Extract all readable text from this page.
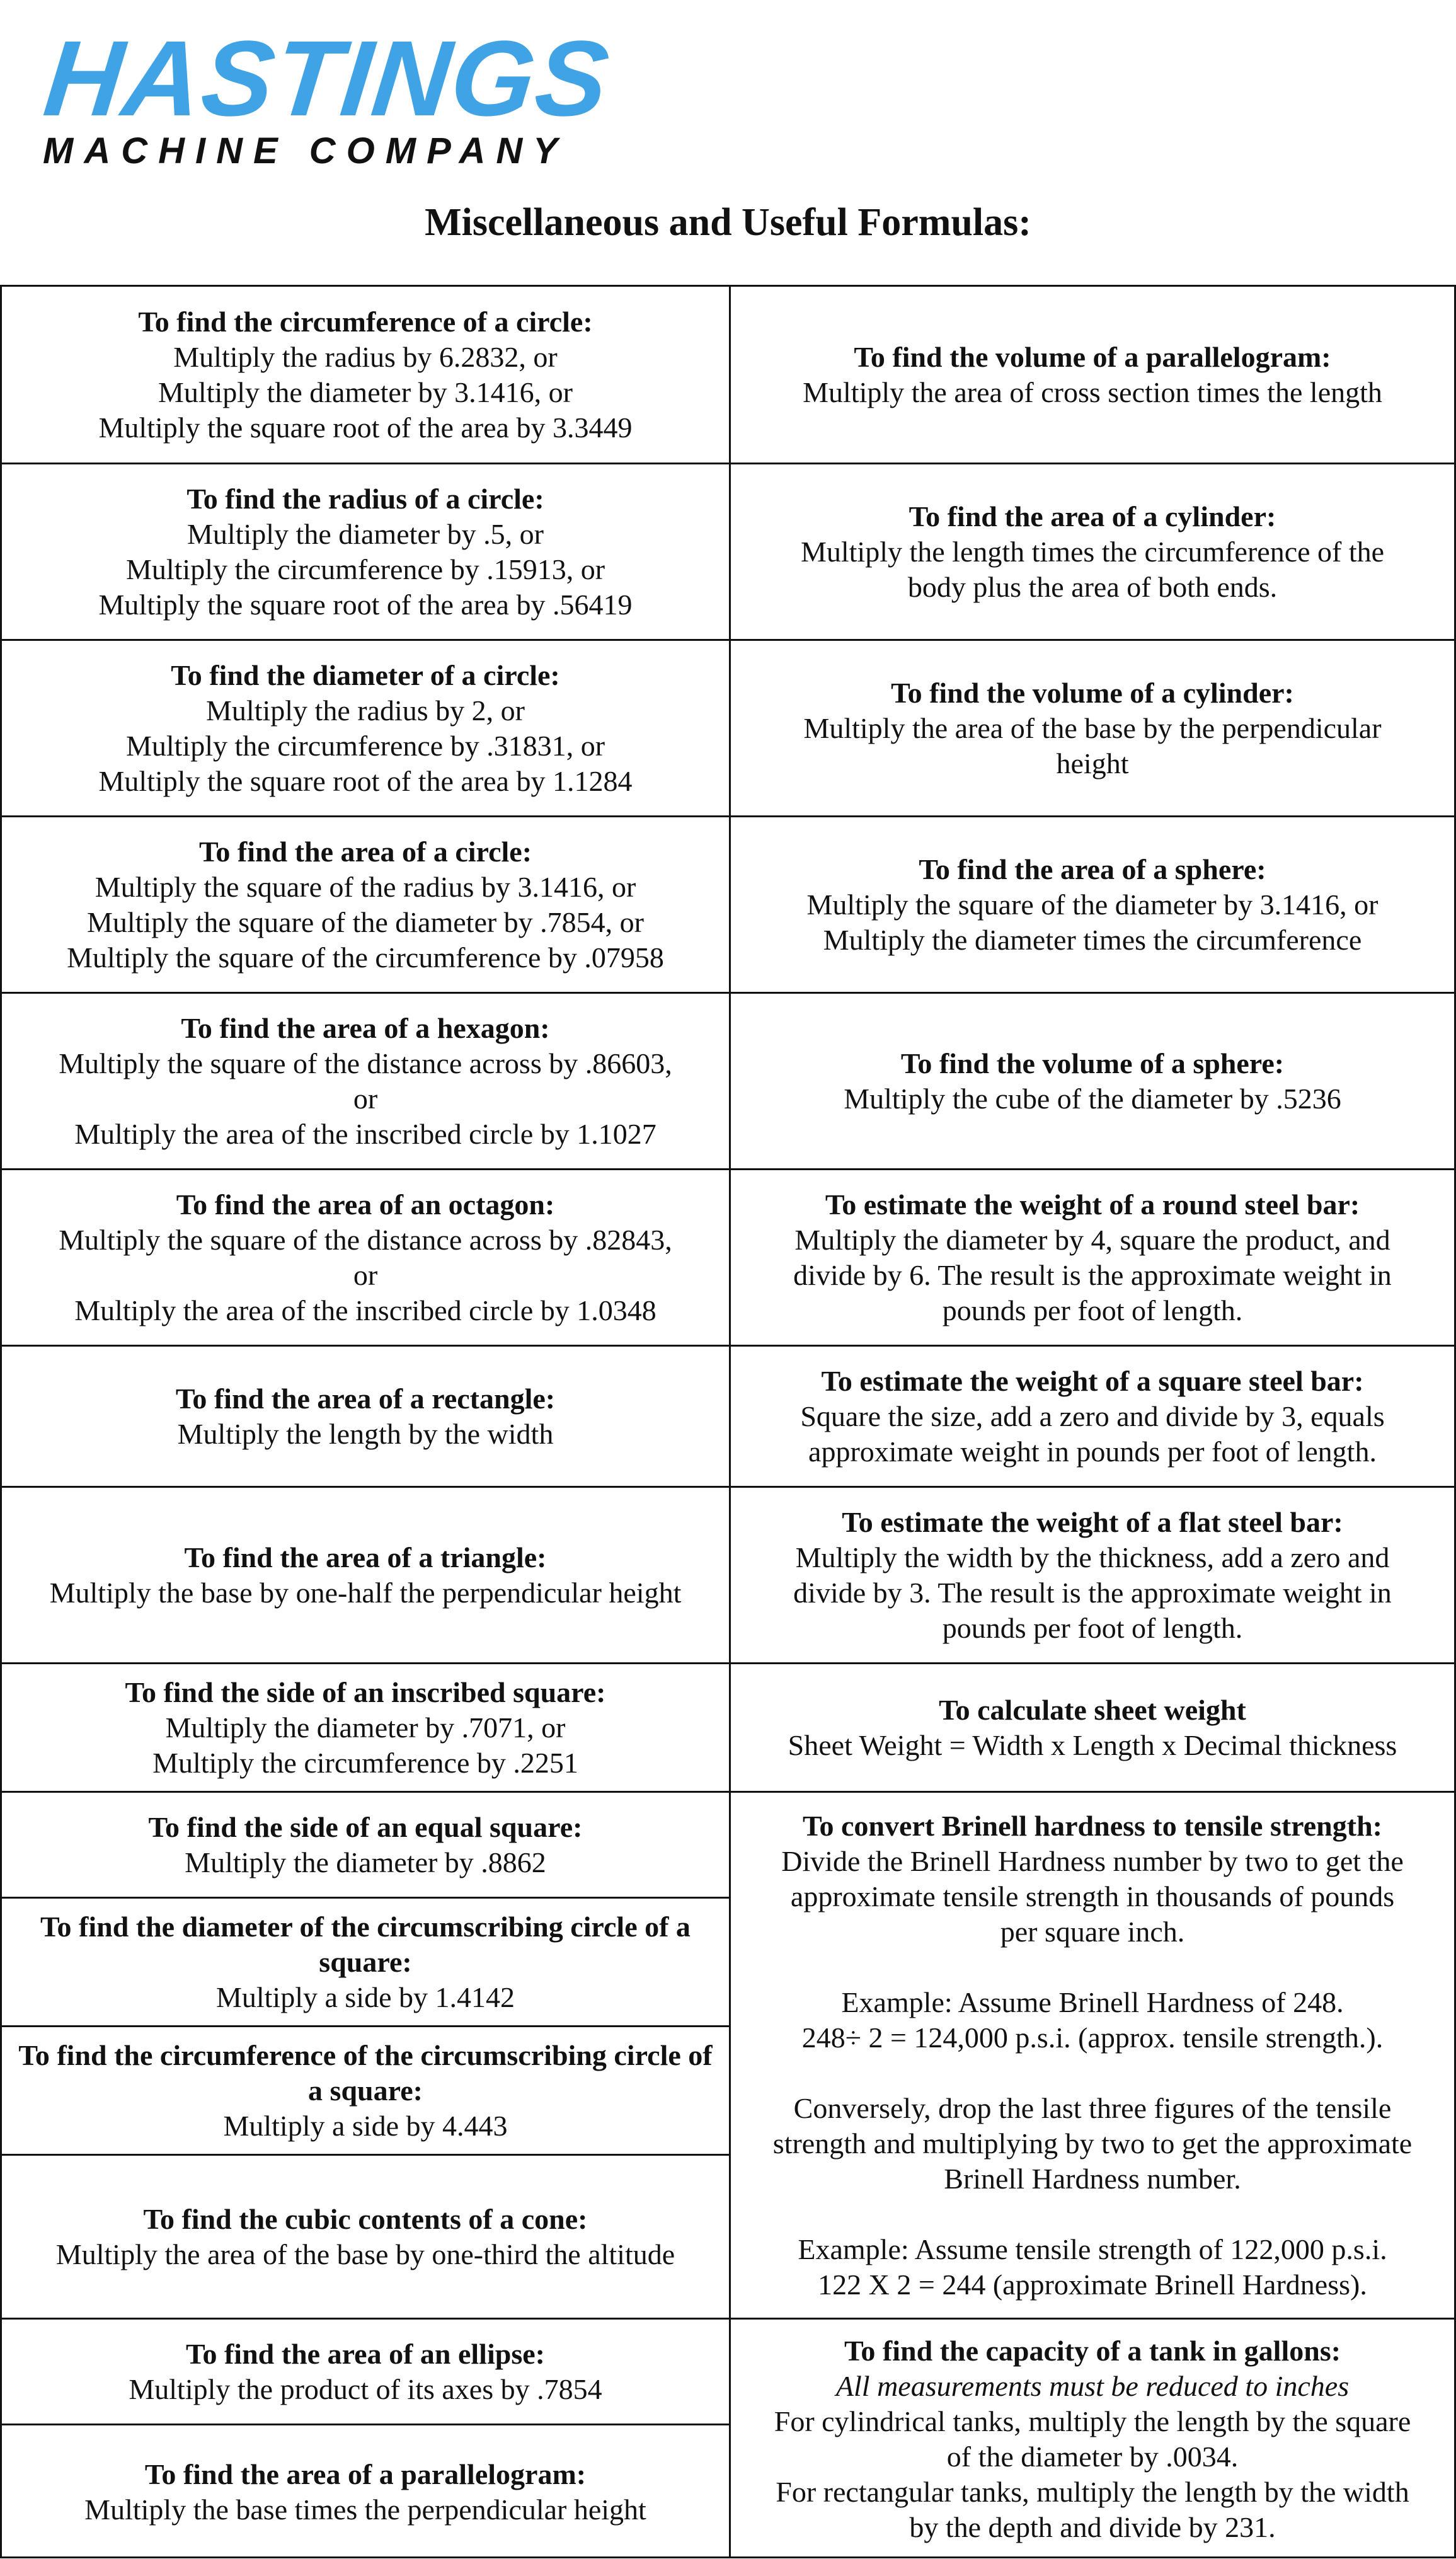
HASTINGS
MACHINE COMPANY
Miscellaneous and Useful Formulas:
To find the circumference of a circle:
Multiply the radius by 6.2832, or
Multiply the diameter by 3.1416, or
Multiply the square root of the area by 3.3449
To find the radius of a circle:
Multiply the diameter by .5, or
Multiply the circumference by .15913, or
Multiply the square root of the area by .56419
To find the diameter of a circle:
Multiply the radius by 2, or
Multiply the circumference by .31831, or
Multiply the square root of the area by 1.1284
To find the area of a circle:
Multiply the square of the radius by 3.1416, or
Multiply the square of the diameter by .7854, or
Multiply the square of the circumference by .07958
To find the area of a hexagon:
Multiply the square of the distance across by .86603,
or
Multiply the area of the inscribed circle by 1.1027
To find the area of an octagon:
Multiply the square of the distance across by .82843,
or
Multiply the area of the inscribed circle by 1.0348
To find the area of a rectangle:
Multiply the length by the width
To find the area of a triangle:
Multiply the base by one-half the perpendicular height
To find the side of an inscribed square:
Multiply the diameter by .7071, or
Multiply the circumference by .2251
To find the side of an equal square:
Multiply the diameter by .8862
To find the diameter of the circumscribing circle of a square:
Multiply a side by 1.4142
To find the circumference of the circumscribing circle of a square:
Multiply a side by 4.443
To find the cubic contents of a cone:
Multiply the area of the base by one-third the altitude
To find the area of an ellipse:
Multiply the product of its axes by .7854
To find the area of a parallelogram:
Multiply the base times the perpendicular height
To find the volume of a parallelogram:
Multiply the area of cross section times the length
To find the area of a cylinder:
Multiply the length times the circumference of the
body plus the area of both ends.
To find the volume of a cylinder:
Multiply the area of the base by the perpendicular
height
To find the area of a sphere:
Multiply the square of the diameter by 3.1416, or
Multiply the diameter times the circumference
To find the volume of a sphere:
Multiply the cube of the diameter by .5236
To estimate the weight of a round steel bar:
Multiply the diameter by 4, square the product, and
divide by 6. The result is the approximate weight in
pounds per foot of length.
To estimate the weight of a square steel bar:
Square the size, add a zero and divide by 3, equals
approximate weight in pounds per foot of length.
To estimate the weight of a flat steel bar:
Multiply the width by the thickness, add a zero and
divide by 3. The result is the approximate weight in
pounds per foot of length.
To calculate sheet weight
Sheet Weight = Width x Length x Decimal thickness
To convert Brinell hardness to tensile strength:
Divide the Brinell Hardness number by two to get the
approximate tensile strength in thousands of pounds
per square inch.
Example: Assume Brinell Hardness of 248.
248÷ 2 = 124,000 p.s.i. (approx. tensile strength.).
Conversely, drop the last three figures of the tensile
strength and multiplying by two to get the approximate
Brinell Hardness number.
Example: Assume tensile strength of 122,000 p.s.i.
122 X 2 = 244 (approximate Brinell Hardness).
To find the capacity of a tank in gallons:
All measurements must be reduced to inches
For cylindrical tanks, multiply the length by the square
of the diameter by .0034.
For rectangular tanks, multiply the length by the width
by the depth and divide by 231.
